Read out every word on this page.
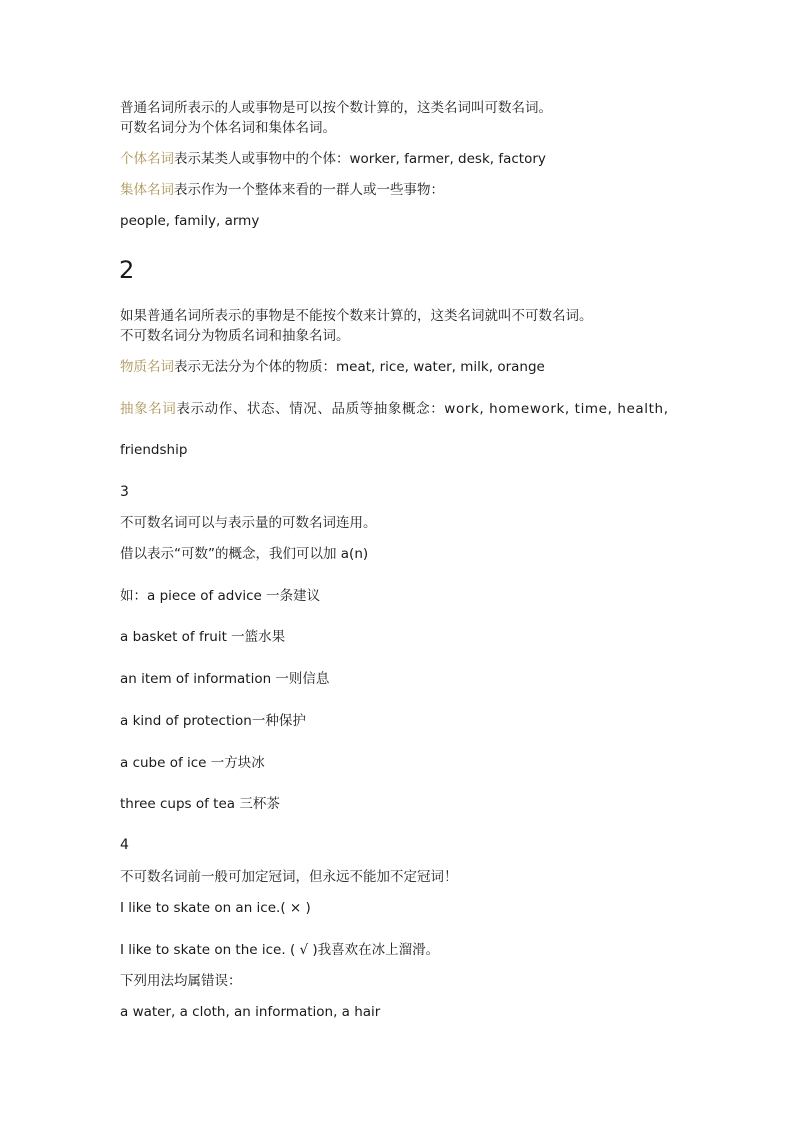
普通名词所表示的人或事物是可以按个数计算的，这类名词叫可数名词。
可数名词分为个体名词和集体名词。
个体名词表示某类人或事物中的个体：worker, farmer, desk, factory
集体名词表示作为一个整体来看的一群人或一些事物：
people, family, army
2
如果普通名词所表示的事物是不能按个数来计算的，这类名词就叫不可数名词。
不可数名词分为物质名词和抽象名词。
物质名词表示无法分为个体的物质：meat, rice, water, milk, orange
抽象名词表示动作、状态、情况、品质等抽象概念：work, homework, time, health,
friendship
3
不可数名词可以与表示量的可数名词连用。
借以表示“可数”的概念，我们可以加 a(n)
如：a piece of advice 一条建议
a basket of fruit 一篮水果
an item of information 一则信息
a kind of protection一种保护
a cube of ice 一方块冰
three cups of tea 三杯茶
4
不可数名词前一般可加定冠词，但永远不能加不定冠词！
I like to skate on an ice.( × )
I like to skate on the ice. ( √ )我喜欢在冰上溜滑。
下列用法均属错误：
a water, a cloth, an information, a hair
